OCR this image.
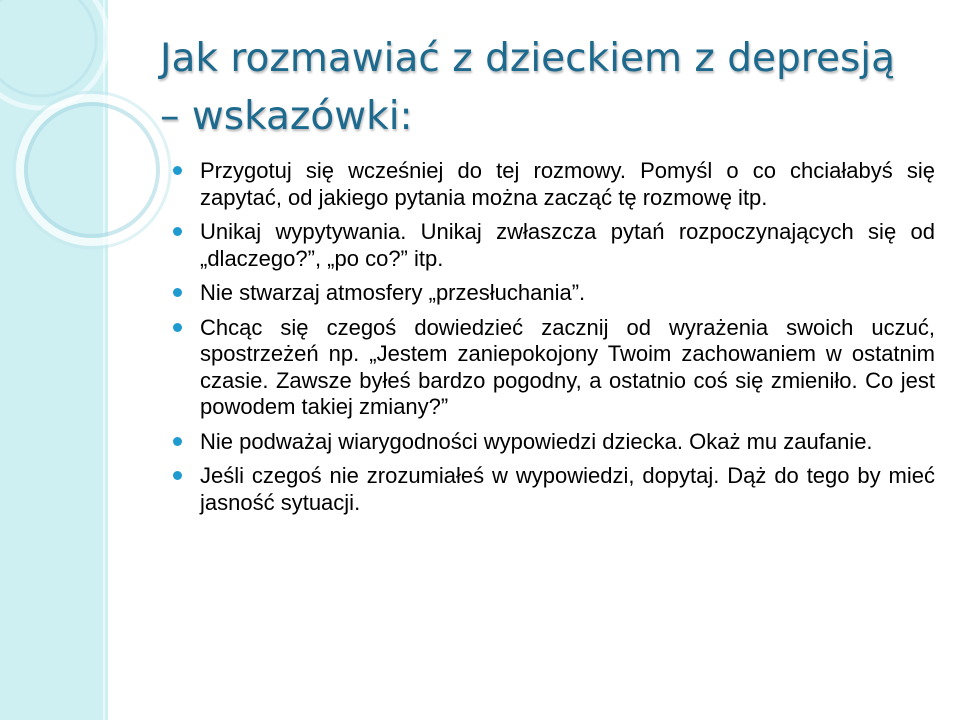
Jak rozmawiać z dzieckiem z depresją – wskazówki:
Przygotuj się wcześniej do tej rozmowy. Pomyśl o co chciałabyś się zapytać, od jakiego pytania można zacząć tę rozmowę itp.
Unikaj wypytywania. Unikaj zwłaszcza pytań rozpoczynających się od „dlaczego?”, „po co?” itp.
Nie stwarzaj atmosfery „przesłuchania”.
Chcąc się czegoś dowiedzieć zacznij od wyrażenia swoich uczuć, spostrzeżeń np. „Jestem zaniepokojony Twoim zachowaniem w ostatnim czasie. Zawsze byłeś bardzo pogodny, a ostatnio coś się zmieniło. Co jest powodem takiej zmiany?”
Nie podważaj wiarygodności wypowiedzi dziecka. Okaż mu zaufanie.
Jeśli czegoś nie zrozumiałeś w wypowiedzi, dopytaj. Dąż do tego by mieć jasność sytuacji.
